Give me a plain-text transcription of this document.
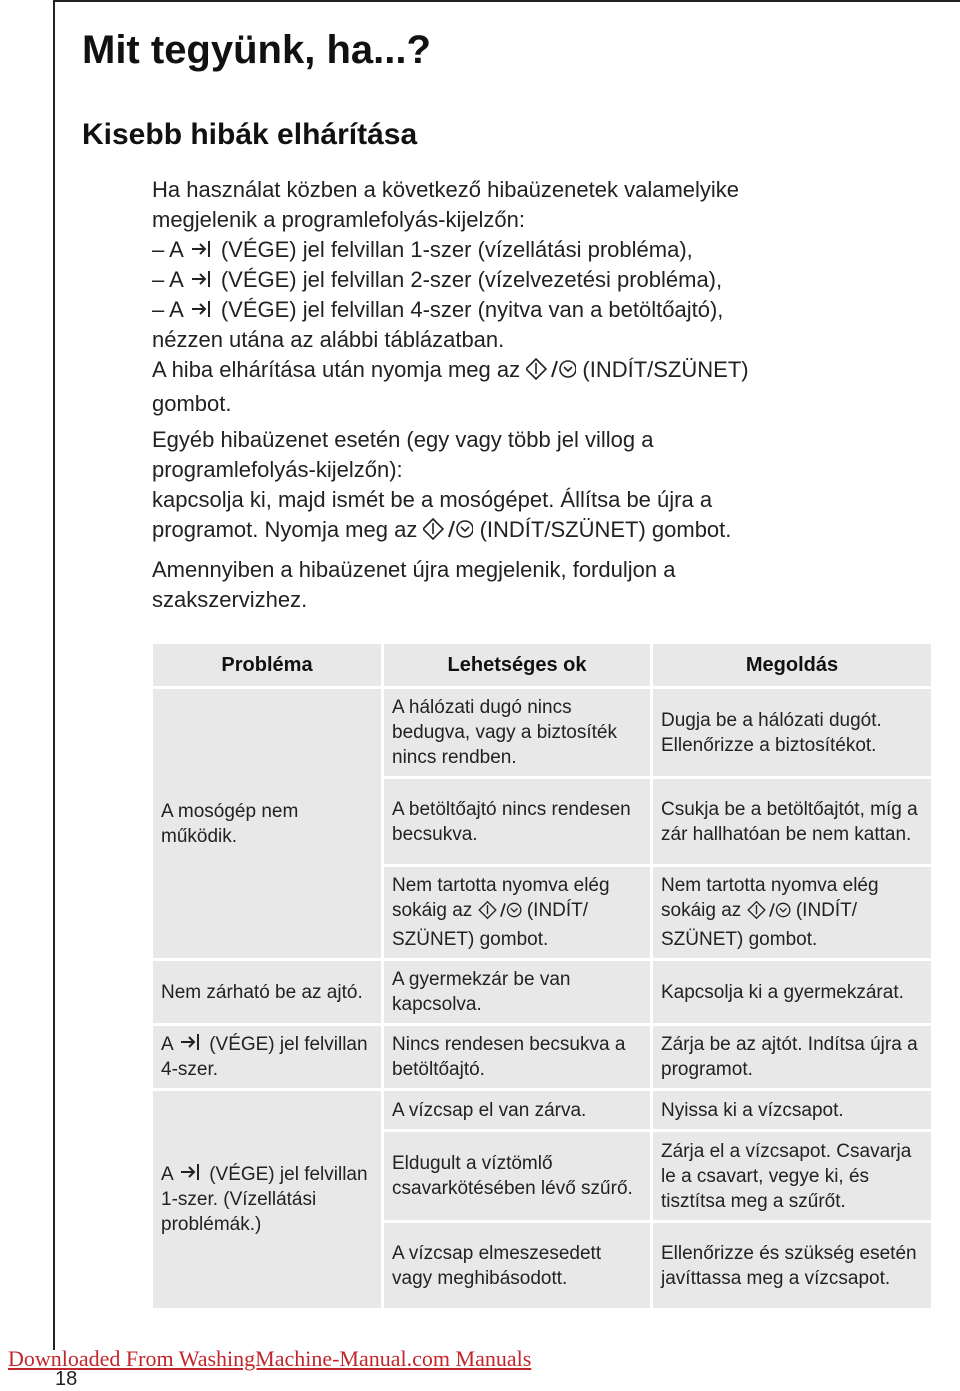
Mit tegyünk, ha...?
Kisebb hibák elhárítása

Ha használat közben a következő hibaüzenetek valamelyike

megjelenik a programlefolyás-kijelzőn:

– A (VÉGE) jel felvillan 1-szer (vízellátási probléma),

– A (VÉGE) jel felvillan 2-szer (vízelvezetési probléma),

– A (VÉGE) jel felvillan 4-szer (nyitva van a betöltőajtó),

nézzen utána az alábbi táblázatban.

A hiba elhárítása után nyomja meg az	(INDÍT/SZÜNET)

gombot.

Egyéb hibaüzenet esetén (egy vagy több jel villog a

programlefolyás-kijelzőn):

kapcsolja ki, majd ismét be a mosógépet. Állítsa be újra a

programot. Nyomja meg az	(INDÍT/SZÜNET) gombot.

Amennyiben a hibaüzenet újra megjelenik, forduljon a

szakszervizhez.

Probléma	Lehetséges ok	Megoldás
A mosógép nem működik.	A hálózati dugó nincs bedugva, vagy a biztosíték nincs rendben.	Dugja be a hálózati dugót. Ellenőrizze a biztosítékot.
	A betöltőajtó nincs rendesen becsukva.	Csukja be a betöltőajtót, míg a zár hallhatóan be nem kattan.
	Nem tartotta nyomva elég sokáig az (INDÍT/ SZÜNET) gombot.	Nem tartotta nyomva elég sokáig az (INDÍT/ SZÜNET) gombot.
Nem zárható be az ajtó.	A gyermekzár be van kapcsolva.	Kapcsolja ki a gyermekzárat.
A (VÉGE) jel felvillan 4-szer.	Nincs rendesen becsukva a betöltőajtó.	Zárja be az ajtót. Indítsa újra a programot.
A (VÉGE) jel felvillan 1-szer. (Vízellátási problémák.)	A vízcsap el van zárva.	Nyissa ki a vízcsapot.
	Eldugult a víztömlő csavarkötésében lévő szűrő.	Zárja el a vízcsapot. Csavarja le a csavart, vegye ki, és tisztítsa meg a szűrőt.
	A vízcsap elmeszesedett vagy meghibásodott.	Ellenőrizze és szükség esetén javíttassa meg a vízcsapot.
Downloaded From WashingMachine-Manual.com Manuals
18
